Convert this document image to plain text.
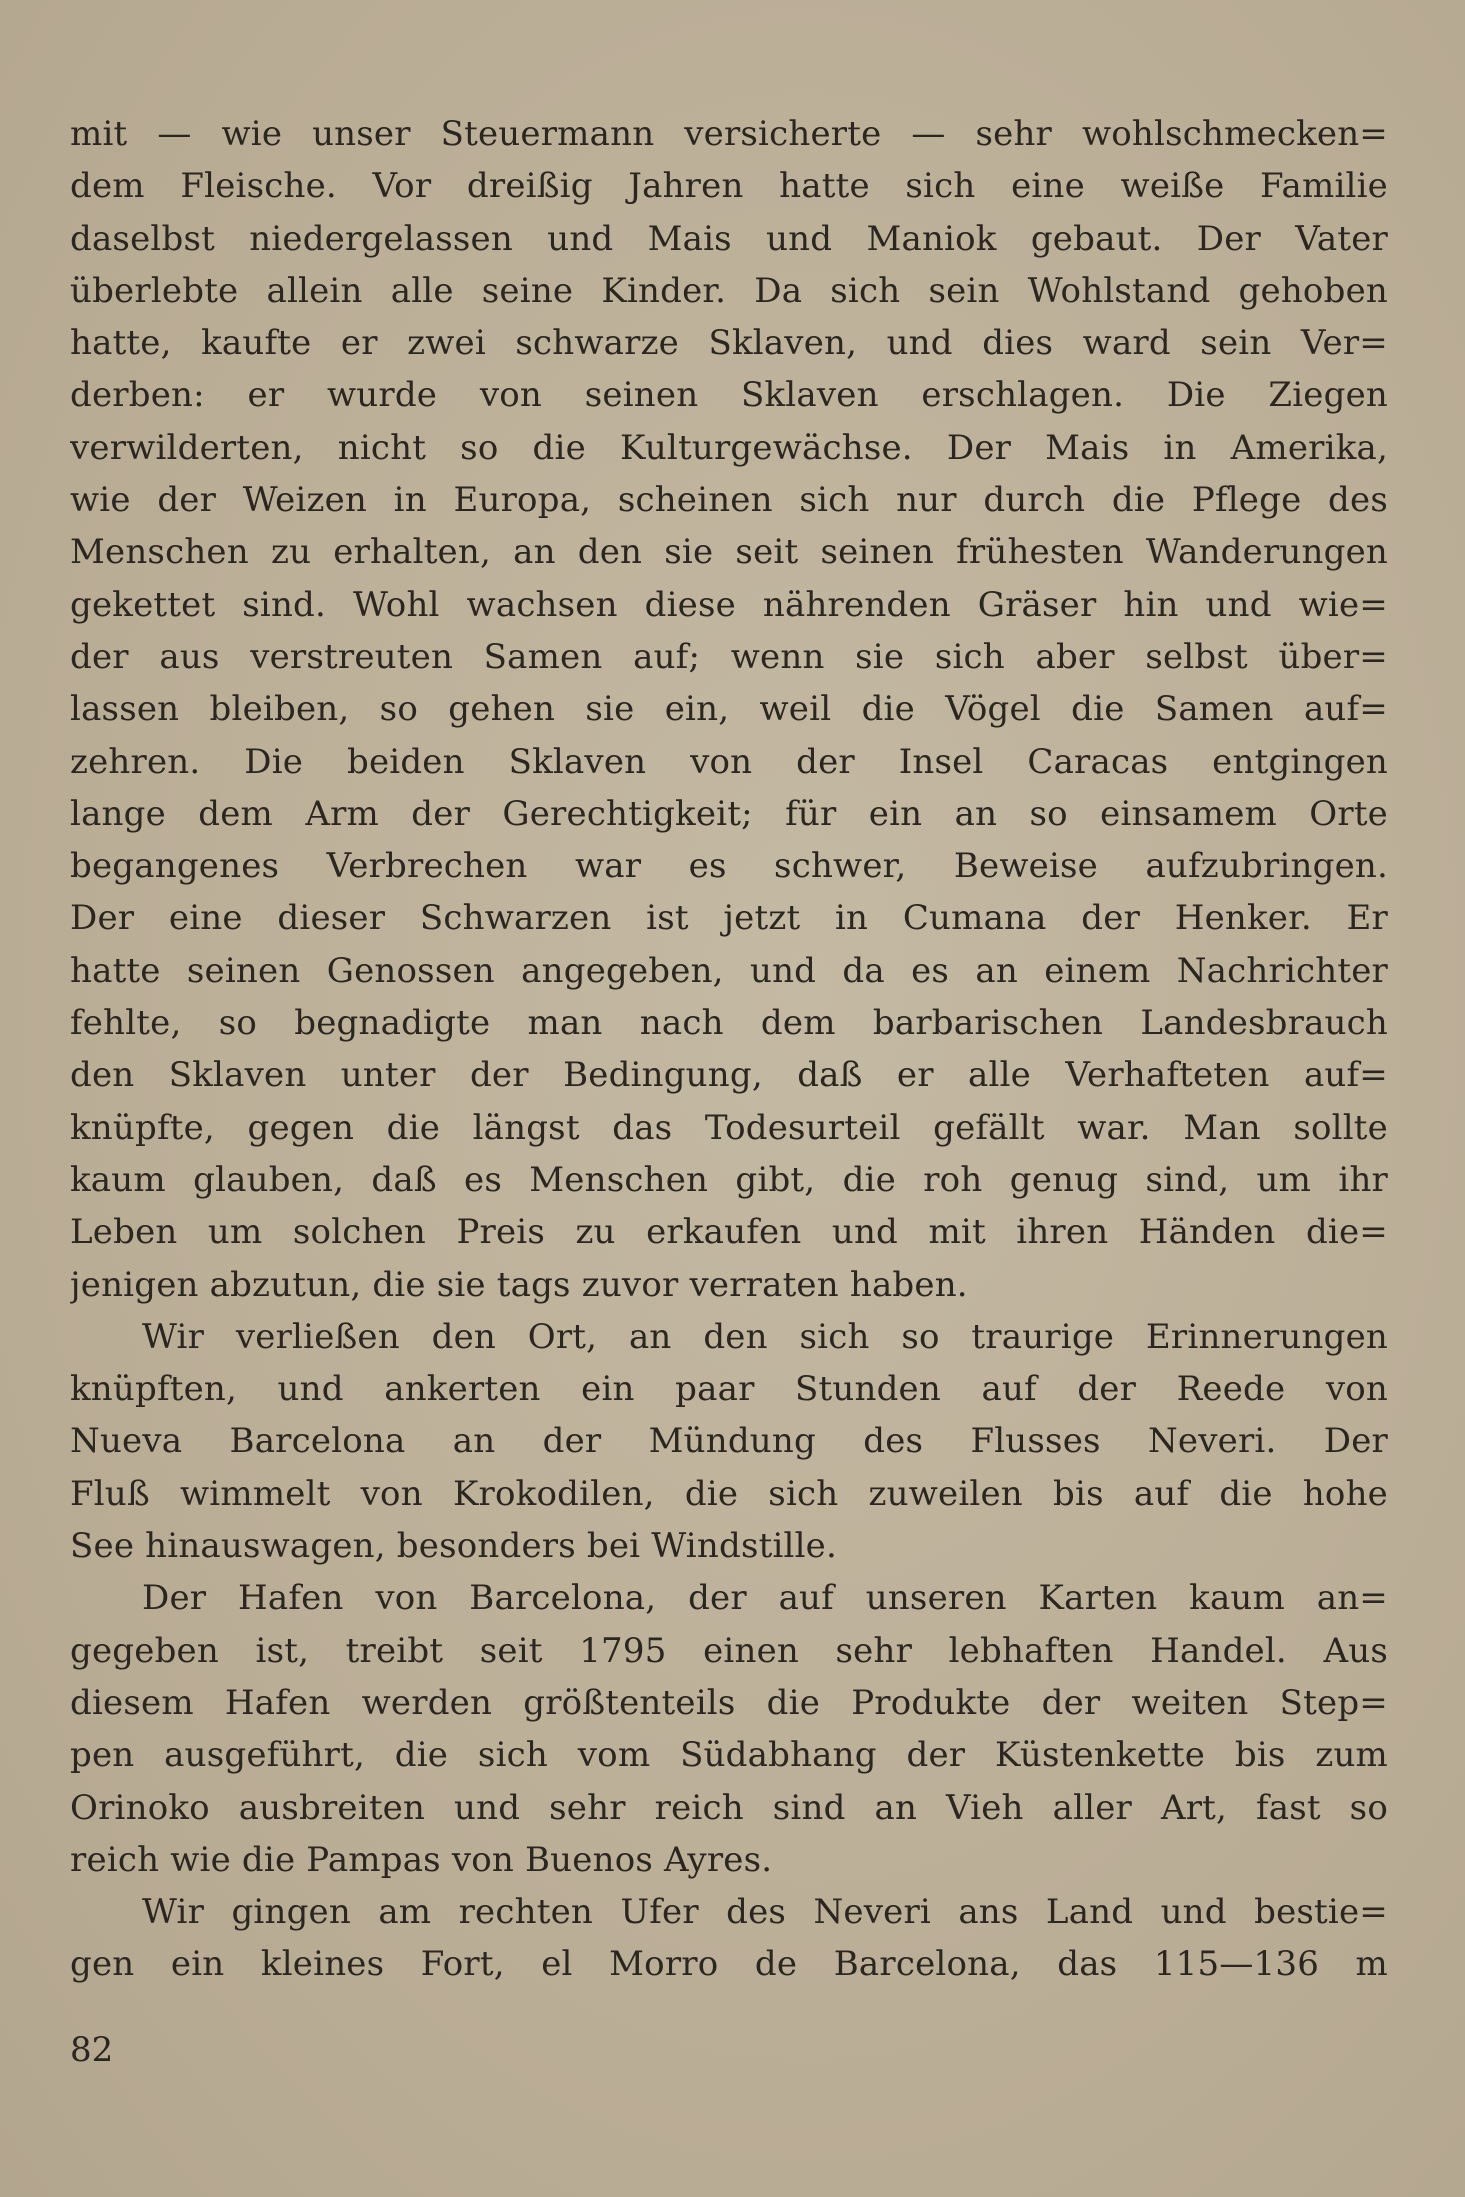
mit — wie unser Steuermann versicherte — sehr wohlschmecken=
dem Fleische. Vor dreißig Jahren hatte sich eine weiße Familie
daselbst niedergelassen und Mais und Maniok gebaut. Der Vater
überlebte allein alle seine Kinder. Da sich sein Wohlstand gehoben
hatte, kaufte er zwei schwarze Sklaven, und dies ward sein Ver=
derben: er wurde von seinen Sklaven erschlagen. Die Ziegen
verwilderten, nicht so die Kulturgewächse. Der Mais in Amerika,
wie der Weizen in Europa, scheinen sich nur durch die Pflege des
Menschen zu erhalten, an den sie seit seinen frühesten Wanderungen
gekettet sind. Wohl wachsen diese nährenden Gräser hin und wie=
der aus verstreuten Samen auf; wenn sie sich aber selbst über=
lassen bleiben, so gehen sie ein, weil die Vögel die Samen auf=
zehren. Die beiden Sklaven von der Insel Caracas entgingen
lange dem Arm der Gerechtigkeit; für ein an so einsamem Orte
begangenes Verbrechen war es schwer, Beweise aufzubringen.
Der eine dieser Schwarzen ist jetzt in Cumana der Henker. Er
hatte seinen Genossen angegeben, und da es an einem Nachrichter
fehlte, so begnadigte man nach dem barbarischen Landesbrauch
den Sklaven unter der Bedingung, daß er alle Verhafteten auf=
knüpfte, gegen die längst das Todesurteil gefällt war. Man sollte
kaum glauben, daß es Menschen gibt, die roh genug sind, um ihr
Leben um solchen Preis zu erkaufen und mit ihren Händen die=
jenigen abzutun, die sie tags zuvor verraten haben.
Wir verließen den Ort, an den sich so traurige Erinnerungen
knüpften, und ankerten ein paar Stunden auf der Reede von
Nueva Barcelona an der Mündung des Flusses Neveri. Der
Fluß wimmelt von Krokodilen, die sich zuweilen bis auf die hohe
See hinauswagen, besonders bei Windstille.
Der Hafen von Barcelona, der auf unseren Karten kaum an=
gegeben ist, treibt seit 1795 einen sehr lebhaften Handel. Aus
diesem Hafen werden größtenteils die Produkte der weiten Step=
pen ausgeführt, die sich vom Südabhang der Küstenkette bis zum
Orinoko ausbreiten und sehr reich sind an Vieh aller Art, fast so
reich wie die Pampas von Buenos Ayres.
Wir gingen am rechten Ufer des Neveri ans Land und bestie=
gen ein kleines Fort, el Morro de Barcelona, das 115—136 m
82
